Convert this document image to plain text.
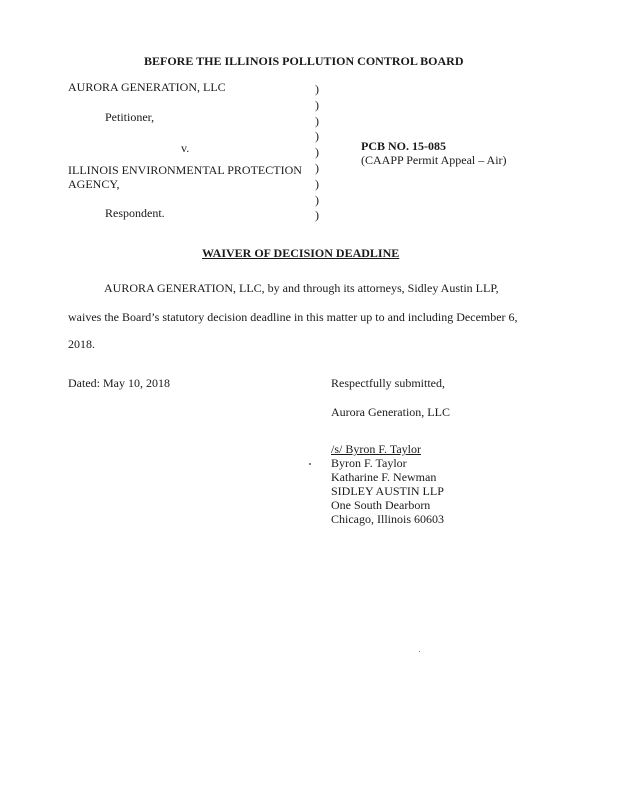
BEFORE THE ILLINOIS POLLUTION CONTROL BOARD
AURORA GENERATION, LLC
Petitioner,
v.
ILLINOIS ENVIRONMENTAL PROTECTION
AGENCY,
Respondent.
)
)
)
)
)
)
)
)
)
PCB NO. 15-085
(CAAPP Permit Appeal – Air)
WAIVER OF DECISION DEADLINE
AURORA GENERATION, LLC, by and through its attorneys, Sidley Austin LLP,
waives the Board’s statutory decision deadline in this matter up to and including December 6,
2018.
Dated: May 10, 2018	Respectfully submitted,
Aurora Generation, LLC
/s/ Byron F. Taylor
Byron F. Taylor
Katharine F. Newman
SIDLEY AUSTIN LLP
One South Dearborn
Chicago, Illinois 60603
